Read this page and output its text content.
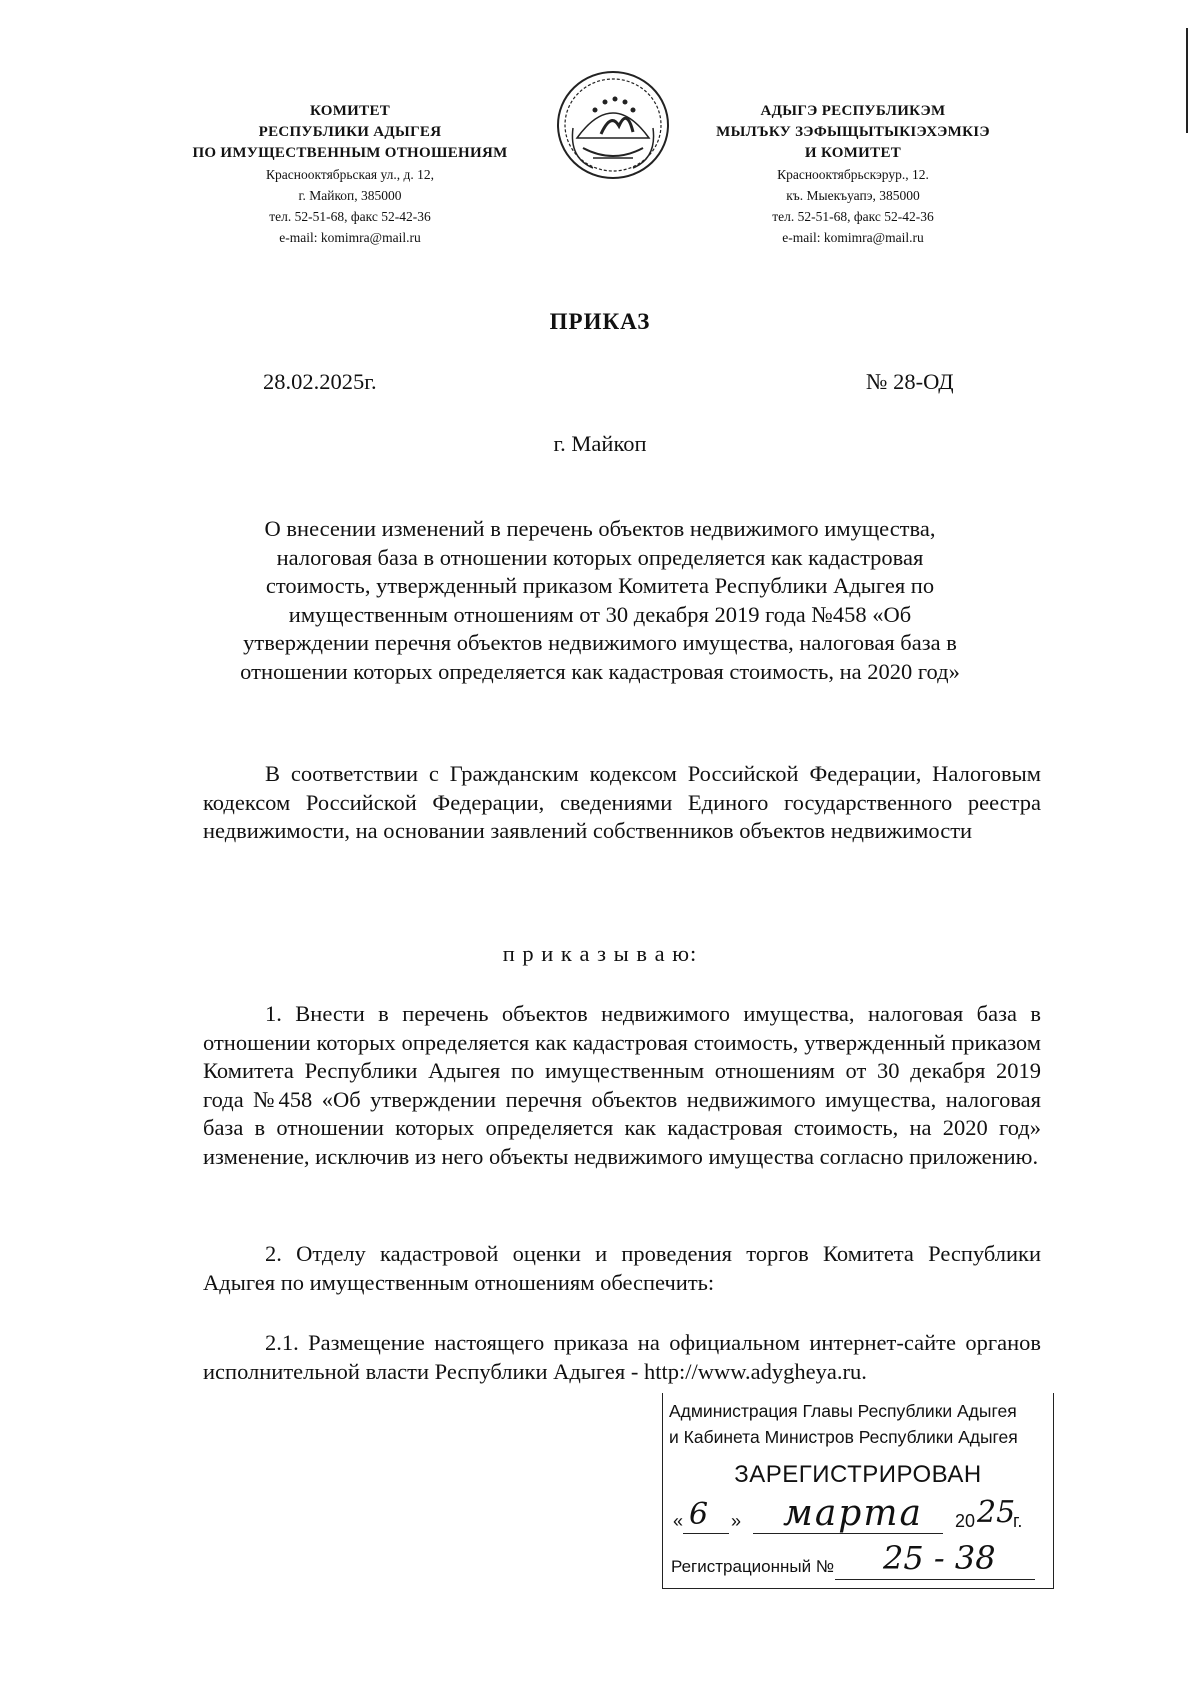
КОМИТЕТ
РЕСПУБЛИКИ АДЫГЕЯ
ПО ИМУЩЕСТВЕННЫМ ОТНОШЕНИЯМ
Краснооктябрьская ул., д. 12,
г. Майкоп, 385000
тел. 52-51-68, факс 52-42-36
e-mail: komimra@mail.ru
АДЫГЭ РЕСПУБЛИКЭМ
МЫЛЪКУ ЗЭФЫЩЫТЫКIЭХЭМКIЭ
И КОМИТЕТ
Краснооктябрьскэрур., 12.
къ. Мыекъуапэ, 385000
тел. 52-51-68, факс 52-42-36
e-mail: komimra@mail.ru
ПРИКАЗ
28.02.2025г.	№ 28-ОД
г. Майкоп
О внесении изменений в перечень объектов недвижимого имущества,
налоговая база в отношении которых определяется как кадастровая
стоимость, утвержденный приказом Комитета Республики Адыгея по
имущественным отношениям от 30 декабря 2019 года №458 «Об
утверждении перечня объектов недвижимого имущества, налоговая база в
отношении которых определяется как кадастровая стоимость, на 2020 год»
В соответствии с Гражданским кодексом Российской Федерации, Налоговым кодексом Российской Федерации, сведениями Единого государственного реестра недвижимости, на основании заявлений собственников объектов недвижимости
п р и к а з ы в а ю:
1. Внести в перечень объектов недвижимого имущества, налоговая база в отношении которых определяется как кадастровая стоимость, утвержденный приказом Комитета Республики Адыгея по имущественным отношениям от 30 декабря 2019 года №458 «Об утверждении перечня объектов недвижимого имущества, налоговая база в отношении которых определяется как кадастровая стоимость, на 2020 год» изменение, исключив из него объекты недвижимого имущества согласно приложению.
2. Отделу кадастровой оценки и проведения торгов Комитета Республики Адыгея по имущественным отношениям обеспечить:
2.1. Размещение настоящего приказа на официальном интернет-сайте органов исполнительной власти Республики Адыгея - http://www.adygheya.ru.
Администрация Главы Республики Адыгея
и Кабинета Министров Республики Адыгея
ЗАРЕГИСТРИРОВАН
« 6 » марта 20 25
г.
Регистрационный № 25 - 38
